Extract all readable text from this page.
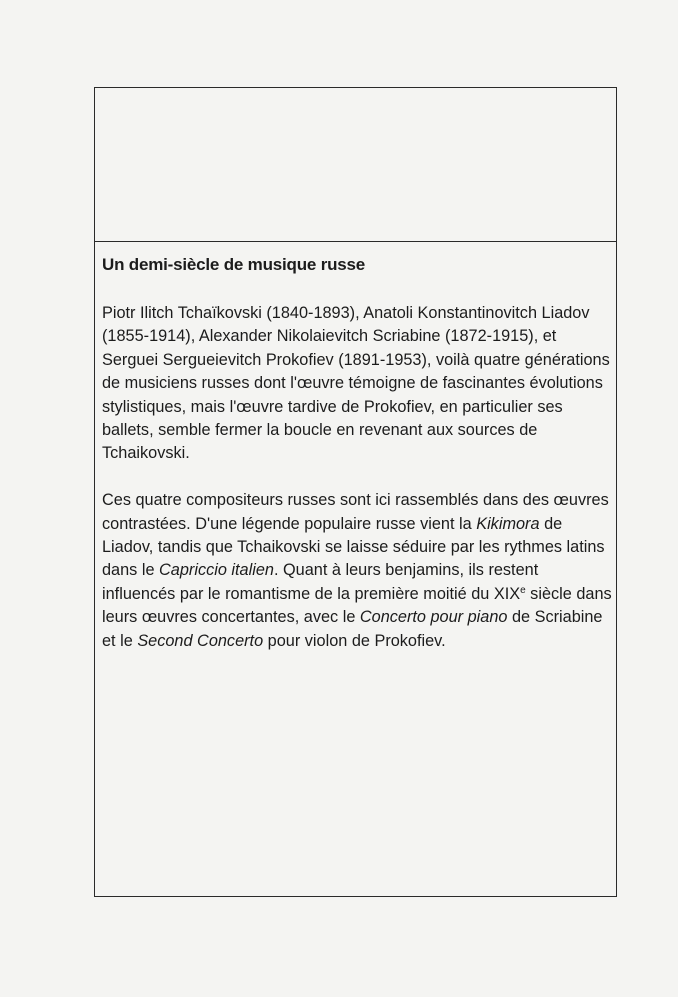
Un demi-siècle de musique russe

Piotr Ilitch Tchaïkovski (1840-1893), Anatoli Konstantinovitch Liadov (1855-1914), Alexander Nikolaievitch Scriabine (1872-1915), et Serguei Sergueievitch Prokofiev (1891-1953), voilà quatre générations de musiciens russes dont l'œuvre témoigne de fascinantes évolutions stylistiques, mais l'œuvre tardive de Prokofiev, en particulier ses ballets, semble fermer la boucle en revenant aux sources de Tchaikovski.

Ces quatre compositeurs russes sont ici rassemblés dans des œuvres contrastées. D'une légende populaire russe vient la Kikimora de Liadov, tandis que Tchaikovski se laisse séduire par les rythmes latins dans le Capriccio italien. Quant à leurs benjamins, ils restent influencés par le romantisme de la première moitié du XIXe siècle dans leurs œuvres concertantes, avec le Concerto pour piano de Scriabine et le Second Concerto pour violon de Prokofiev.
